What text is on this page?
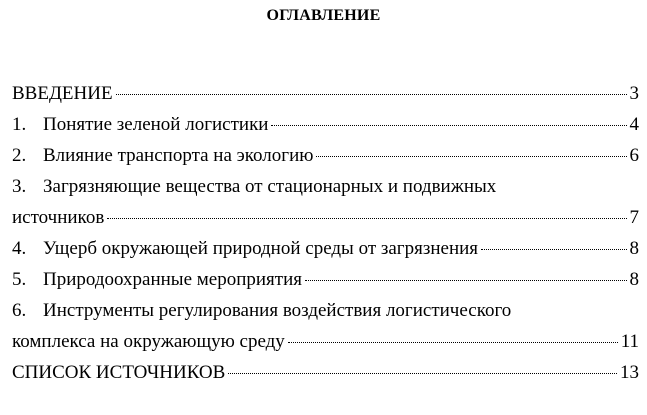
ОГЛАВЛЕНИЕ
ВВЕДЕНИЕ	3
1. Понятие зеленой логистики	4
2. Влияние транспорта на экологию	6
3. Загрязняющие вещества от стационарных и подвижных
источников	7
4. Ущерб окружающей природной среды от загрязнения	8
5. Природоохранные мероприятия	8
6. Инструменты регулирования воздействия логистического
комплекса на окружающую среду	11
СПИСОК ИСТОЧНИКОВ	13
